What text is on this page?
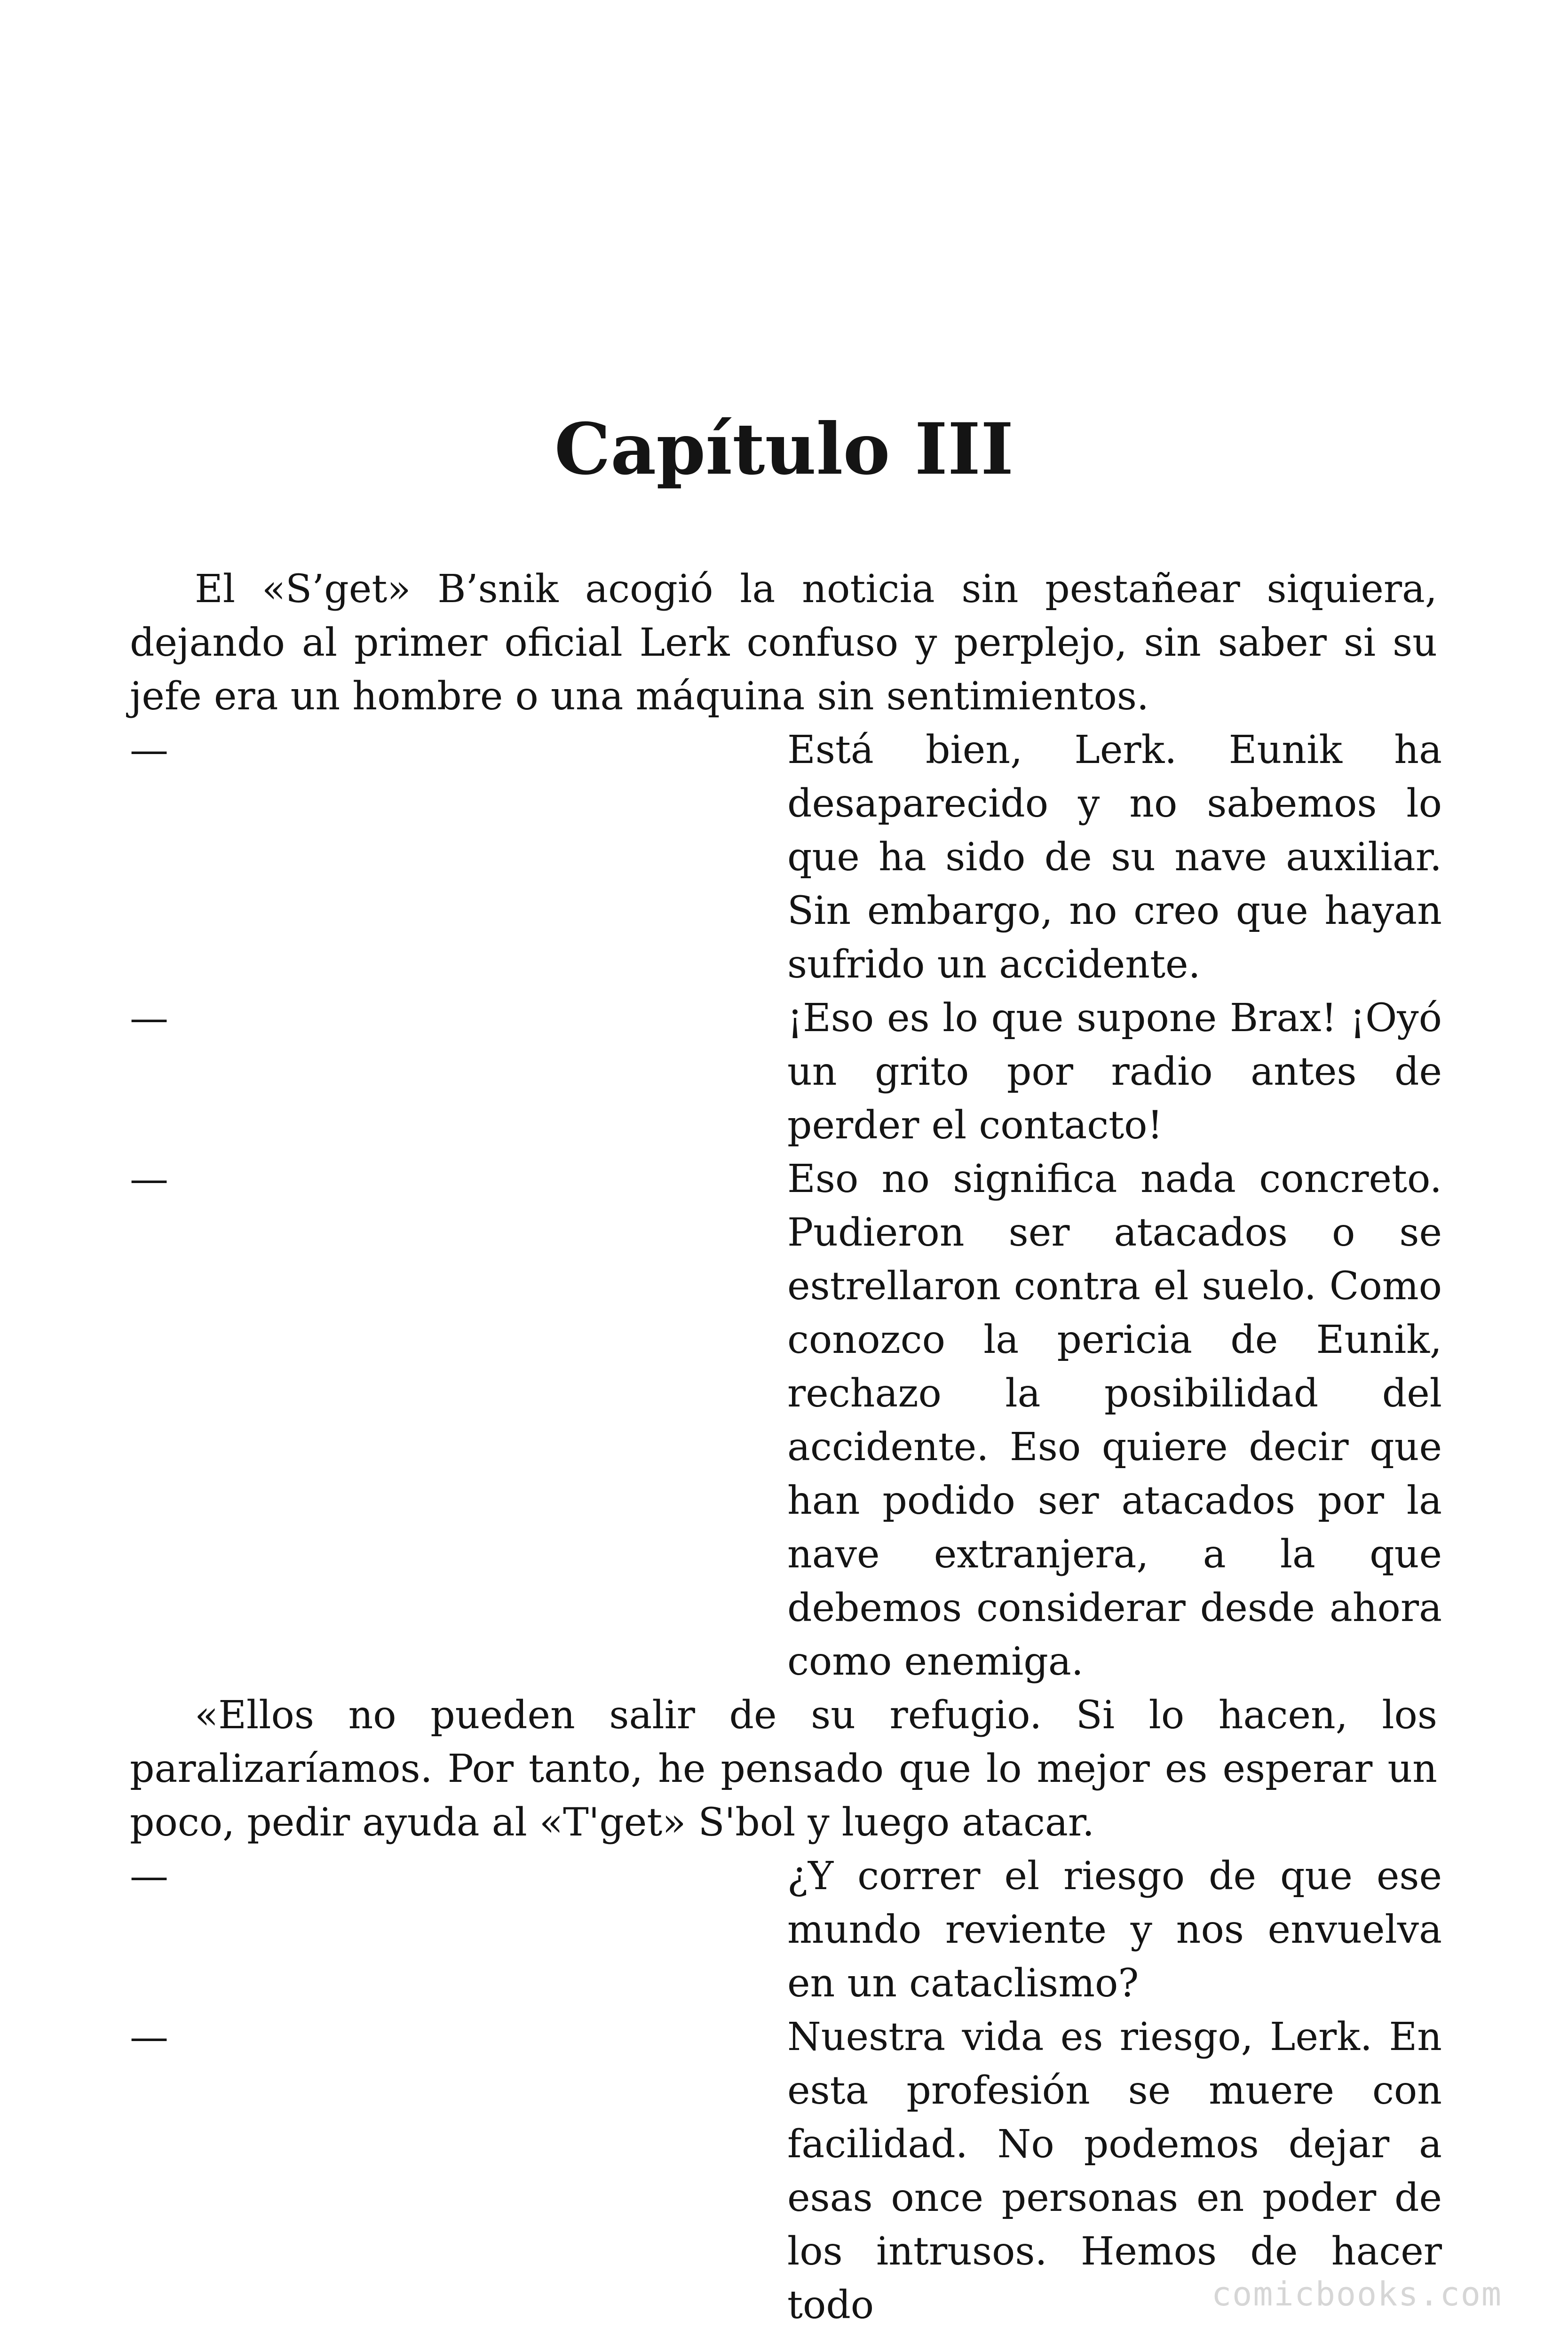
Capítulo III

El «S’get» B’snik acogió la noticia sin pestañear siquiera, dejando al primer oficial Lerk confuso y perplejo, sin saber si su jefe era un hombre o una máquina sin sentimientos.

—	Está bien, Lerk. Eunik ha desaparecido y no sabemos lo que ha sido de su nave auxiliar. Sin embargo, no creo que hayan sufrido un accidente.

—	¡Eso es lo que supone Brax! ¡Oyó un grito por radio antes de perder el contacto!

—	Eso no significa nada concreto. Pudieron ser atacados o se estrellaron contra el suelo. Como conozco la pericia de Eunik, rechazo la posibilidad del accidente. Eso quiere decir que han podido ser atacados por la nave extranjera, a la que debemos considerar desde ahora como enemiga.

«Ellos no pueden salir de su refugio. Si lo hacen, los paralizaríamos. Por tanto, he pensado que lo mejor es esperar un poco, pedir ayuda al «T'get» S'bol y luego atacar.

—	¿Y correr el riesgo de que ese mundo reviente y nos envuelva en un cataclismo?

—	Nuestra vida es riesgo, Lerk. En esta profesión se muere con facilidad. No podemos dejar a esas once personas en poder de los intrusos. Hemos de hacer todo	comicbooks.com
